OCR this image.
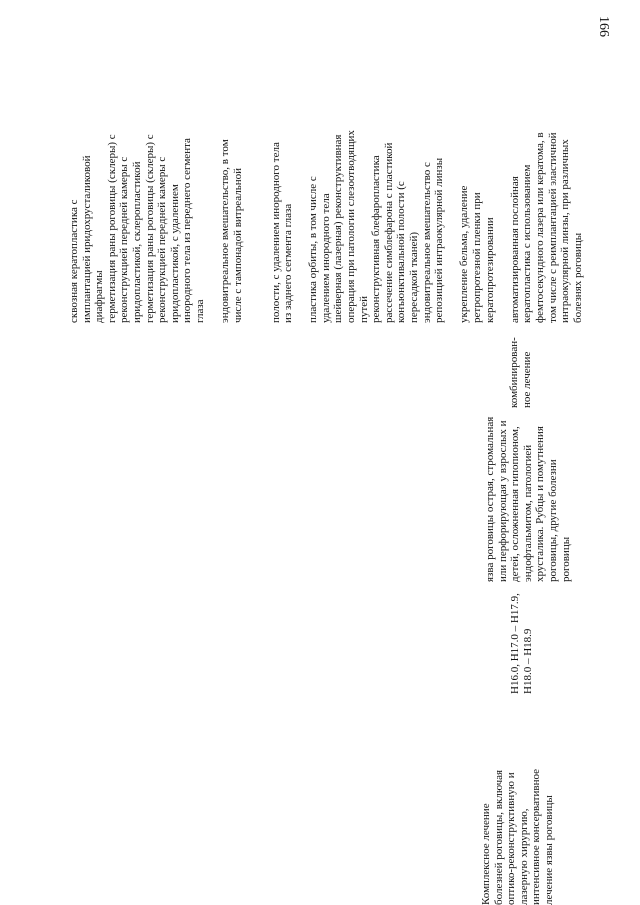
166

Комплексное лечение болезней роговицы, включая оптико-реконструктивную и лазерную хирургию, интенсивное консервативное лечение язвы роговицы

H16.0, H17.0 – H17.9, H18.0 – H18.9

язва роговицы острая, стромальная или перфорирующая у взрослых и детей, осложненная гипопионом, эндофтальмитом, патологией хрусталика. Рубцы и помутнения роговицы, другие болезни роговицы

комбинирован- ное лечение

сквозная кератопластика с имплантацией иридохрусталиковой диафрагмы герметизация раны роговицы (склеры) с реконструкцией передней камеры с иридопластикой, склеропластикой герметизация раны роговицы (склеры) с реконструкцией передней камеры с иридопластикой, с удалением инородного тела из переднего сегмента глаза эндовитреальное вмешательство, в том числе с тампонадой витреальной полости, с удалением инородного тела из заднего сегмента глаза пластика орбиты, в том числе с удалением инородного тела шейверная (лазерная) реконструктивная операция при патологии слезоотводящих путей реконструктивная блефаропластика рассечение симблефарона с пластикой конъюнктивальной полости (с пересадкой тканей) эндовитреальное вмешательство с репозицией интраокулярной линзы укрепление бельма, удаление ретропротезной пленки при кератопротезировании автоматизированная послойная кератопластика с использованием фемтосекундного лазера или кератома, в том числе с реимплантацией эластичной интраокулярной линзы, при различных болезнях роговицы
